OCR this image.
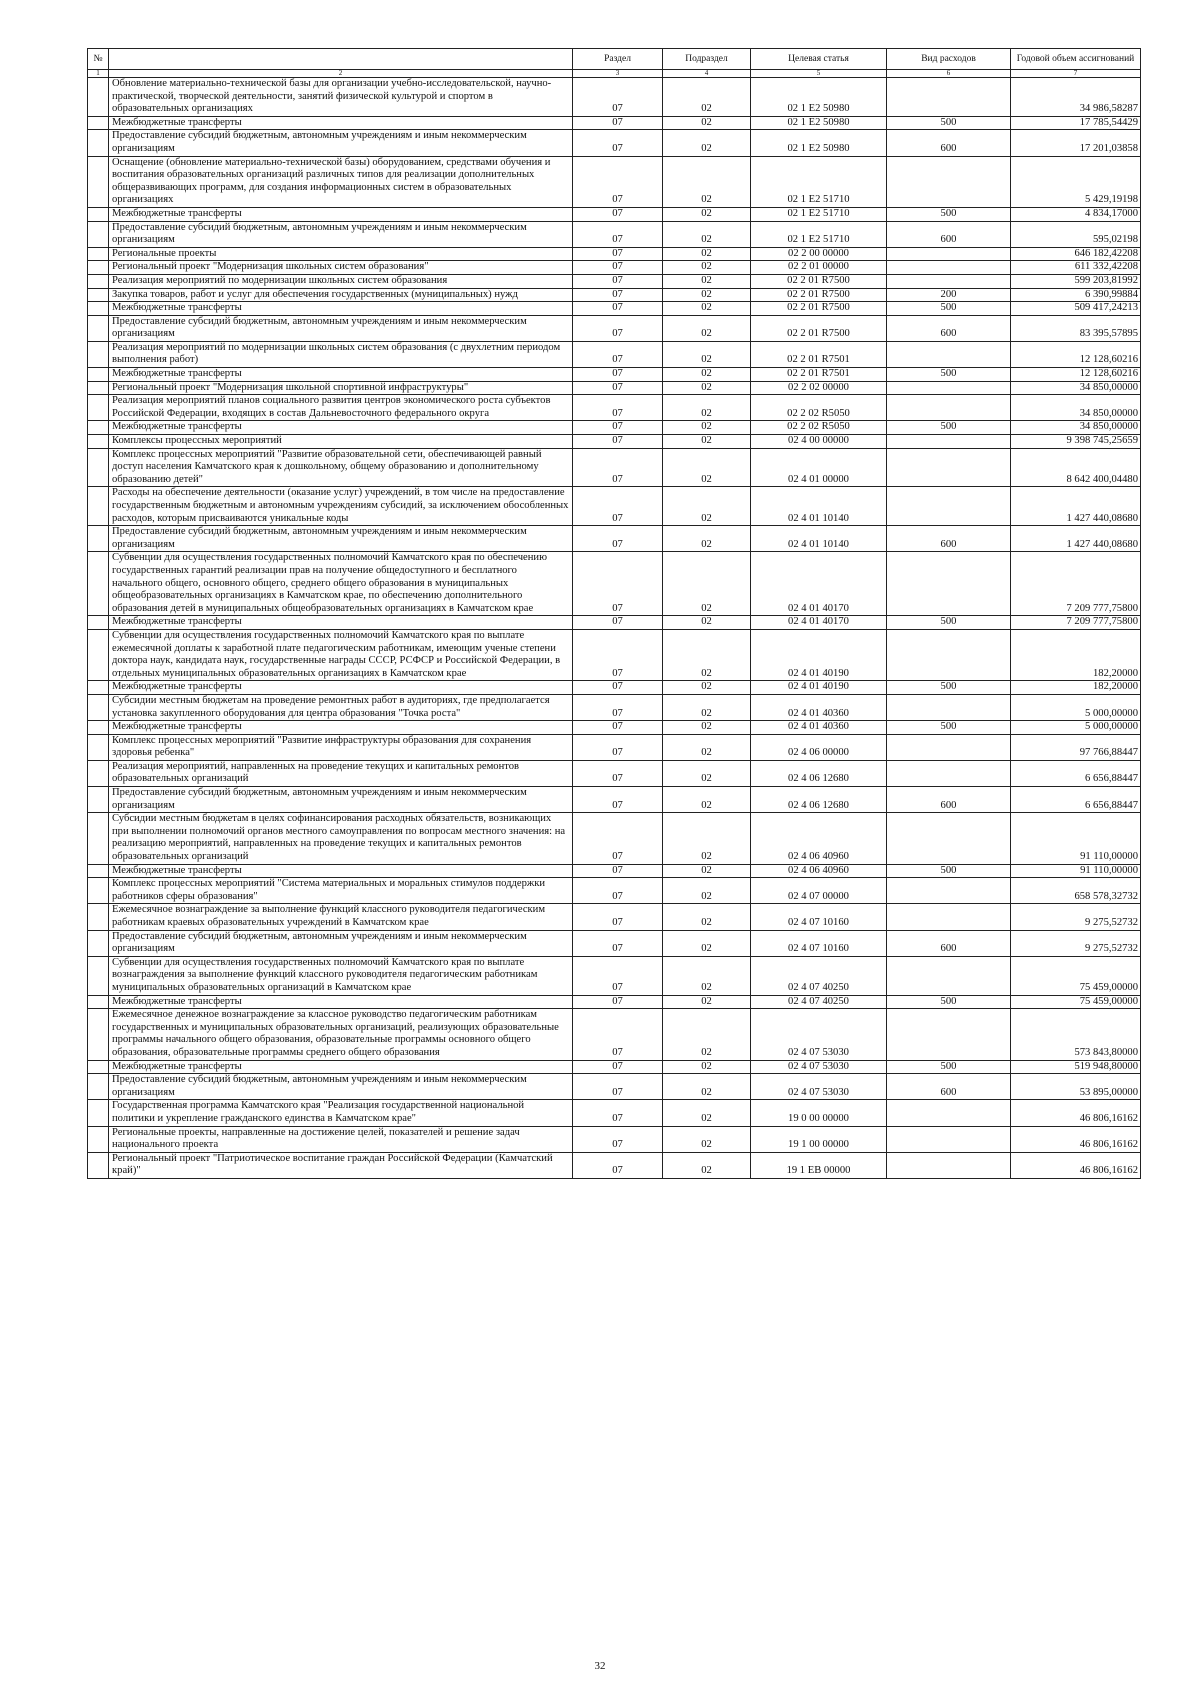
№		Раздел	Подраздел	Целевая статья	Вид расходов	Годовой объем ассигнований
1	2	3	4	5	6	7
	Обновление материально-технической базы для организации учебно-исследовательской, научно-практической, творческой деятельности, занятий физической культурой и спортом в образовательных организациях	07	02	02 1 E2 50980		34 986,58287
	Межбюджетные трансферты	07	02	02 1 E2 50980	500	17 785,54429
	Предоставление субсидий бюджетным, автономным учреждениям и иным некоммерческим организациям	07	02	02 1 E2 50980	600	17 201,03858
	Оснащение (обновление материально-технической базы) оборудованием, средствами обучения и воспитания образовательных организаций различных типов для реализации дополнительных общеразвивающих программ, для создания информационных систем в образовательных организациях	07	02	02 1 E2 51710		5 429,19198
	Межбюджетные трансферты	07	02	02 1 E2 51710	500	4 834,17000
	Предоставление субсидий бюджетным, автономным учреждениям и иным некоммерческим организациям	07	02	02 1 E2 51710	600	595,02198
	Региональные проекты	07	02	02 2 00 00000		646 182,42208
	Региональный проект "Модернизация школьных систем образования"	07	02	02 2 01 00000		611 332,42208
	Реализация мероприятий по модернизации школьных систем образования	07	02	02 2 01 R7500		599 203,81992
	Закупка товаров, работ и услуг для обеспечения государственных (муниципальных) нужд	07	02	02 2 01 R7500	200	6 390,99884
	Межбюджетные трансферты	07	02	02 2 01 R7500	500	509 417,24213
	Предоставление субсидий бюджетным, автономным учреждениям и иным некоммерческим организациям	07	02	02 2 01 R7500	600	83 395,57895
	Реализация мероприятий по модернизации школьных систем образования (с двухлетним периодом выполнения работ)	07	02	02 2 01 R7501		12 128,60216
	Межбюджетные трансферты	07	02	02 2 01 R7501	500	12 128,60216
	Региональный проект "Модернизация школьной спортивной инфраструктуры"	07	02	02 2 02 00000		34 850,00000
	Реализация мероприятий планов социального развития центров экономического роста субъектов Российской Федерации, входящих в состав Дальневосточного федерального округа	07	02	02 2 02 R5050		34 850,00000
	Межбюджетные трансферты	07	02	02 2 02 R5050	500	34 850,00000
	Комплексы процессных мероприятий	07	02	02 4 00 00000		9 398 745,25659
	Комплекс процессных мероприятий "Развитие образовательной сети, обеспечивающей равный доступ населения Камчатского края к дошкольному, общему образованию и дополнительному образованию детей"	07	02	02 4 01 00000		8 642 400,04480
	Расходы на обеспечение деятельности (оказание услуг) учреждений, в том числе на предоставление государственным бюджетным и автономным учреждениям субсидий, за исключением обособленных расходов, которым присваиваются уникальные коды	07	02	02 4 01 10140		1 427 440,08680
	Предоставление субсидий бюджетным, автономным учреждениям и иным некоммерческим организациям	07	02	02 4 01 10140	600	1 427 440,08680
	Субвенции для осуществления государственных полномочий Камчатского края по обеспечению государственных гарантий реализации прав на получение общедоступного и бесплатного начального общего, основного общего, среднего общего образования в муниципальных общеобразовательных организациях в Камчатском крае, по обеспечению дополнительного образования детей в муниципальных общеобразовательных организациях в Камчатском крае	07	02	02 4 01 40170		7 209 777,75800
	Межбюджетные трансферты	07	02	02 4 01 40170	500	7 209 777,75800
	Субвенции для осуществления государственных полномочий Камчатского края по выплате ежемесячной доплаты к заработной плате педагогическим работникам, имеющим ученые степени доктора наук, кандидата наук, государственные награды СССР, РСФСР и Российской Федерации, в отдельных муниципальных образовательных организациях в Камчатском крае	07	02	02 4 01 40190		182,20000
	Межбюджетные трансферты	07	02	02 4 01 40190	500	182,20000
	Субсидии местным бюджетам на проведение ремонтных работ в аудиториях, где предполагается установка закупленного оборудования для центра образования "Точка роста"	07	02	02 4 01 40360		5 000,00000
	Межбюджетные трансферты	07	02	02 4 01 40360	500	5 000,00000
	Комплекс процессных мероприятий "Развитие инфраструктуры образования для сохранения здоровья ребенка"	07	02	02 4 06 00000		97 766,88447
	Реализация мероприятий, направленных на проведение текущих и капитальных ремонтов образовательных организаций	07	02	02 4 06 12680		6 656,88447
	Предоставление субсидий бюджетным, автономным учреждениям и иным некоммерческим организациям	07	02	02 4 06 12680	600	6 656,88447
	Субсидии местным бюджетам в целях софинансирования расходных обязательств, возникающих при выполнении полномочий органов местного самоуправления по вопросам местного значения: на реализацию мероприятий, направленных на проведение текущих и капитальных ремонтов образовательных организаций	07	02	02 4 06 40960		91 110,00000
	Межбюджетные трансферты	07	02	02 4 06 40960	500	91 110,00000
	Комплекс процессных мероприятий "Система материальных и моральных стимулов поддержки работников сферы образования"	07	02	02 4 07 00000		658 578,32732
	Ежемесячное вознаграждение за выполнение функций классного руководителя педагогическим работникам краевых образовательных учреждений в Камчатском крае	07	02	02 4 07 10160		9 275,52732
	Предоставление субсидий бюджетным, автономным учреждениям и иным некоммерческим организациям	07	02	02 4 07 10160	600	9 275,52732
	Субвенции для осуществления государственных полномочий Камчатского края по выплате вознаграждения за выполнение функций классного руководителя педагогическим работникам муниципальных образовательных организаций в Камчатском крае	07	02	02 4 07 40250		75 459,00000
	Межбюджетные трансферты	07	02	02 4 07 40250	500	75 459,00000
	Ежемесячное денежное вознаграждение за классное руководство педагогическим работникам государственных и муниципальных образовательных организаций, реализующих образовательные программы начального общего образования, образовательные программы основного общего образования, образовательные программы среднего общего образования	07	02	02 4 07 53030		573 843,80000
	Межбюджетные трансферты	07	02	02 4 07 53030	500	519 948,80000
	Предоставление субсидий бюджетным, автономным учреждениям и иным некоммерческим организациям	07	02	02 4 07 53030	600	53 895,00000
	Государственная программа Камчатского края "Реализация государственной национальной политики и укрепление гражданского единства в Камчатском крае"	07	02	19 0 00 00000		46 806,16162
	Региональные проекты, направленные на достижение целей, показателей и решение задач национального проекта	07	02	19 1 00 00000		46 806,16162
	Региональный проект "Патриотическое воспитание граждан Российской Федерации (Камчатский край)"	07	02	19 1 EB 00000		46 806,16162
32
